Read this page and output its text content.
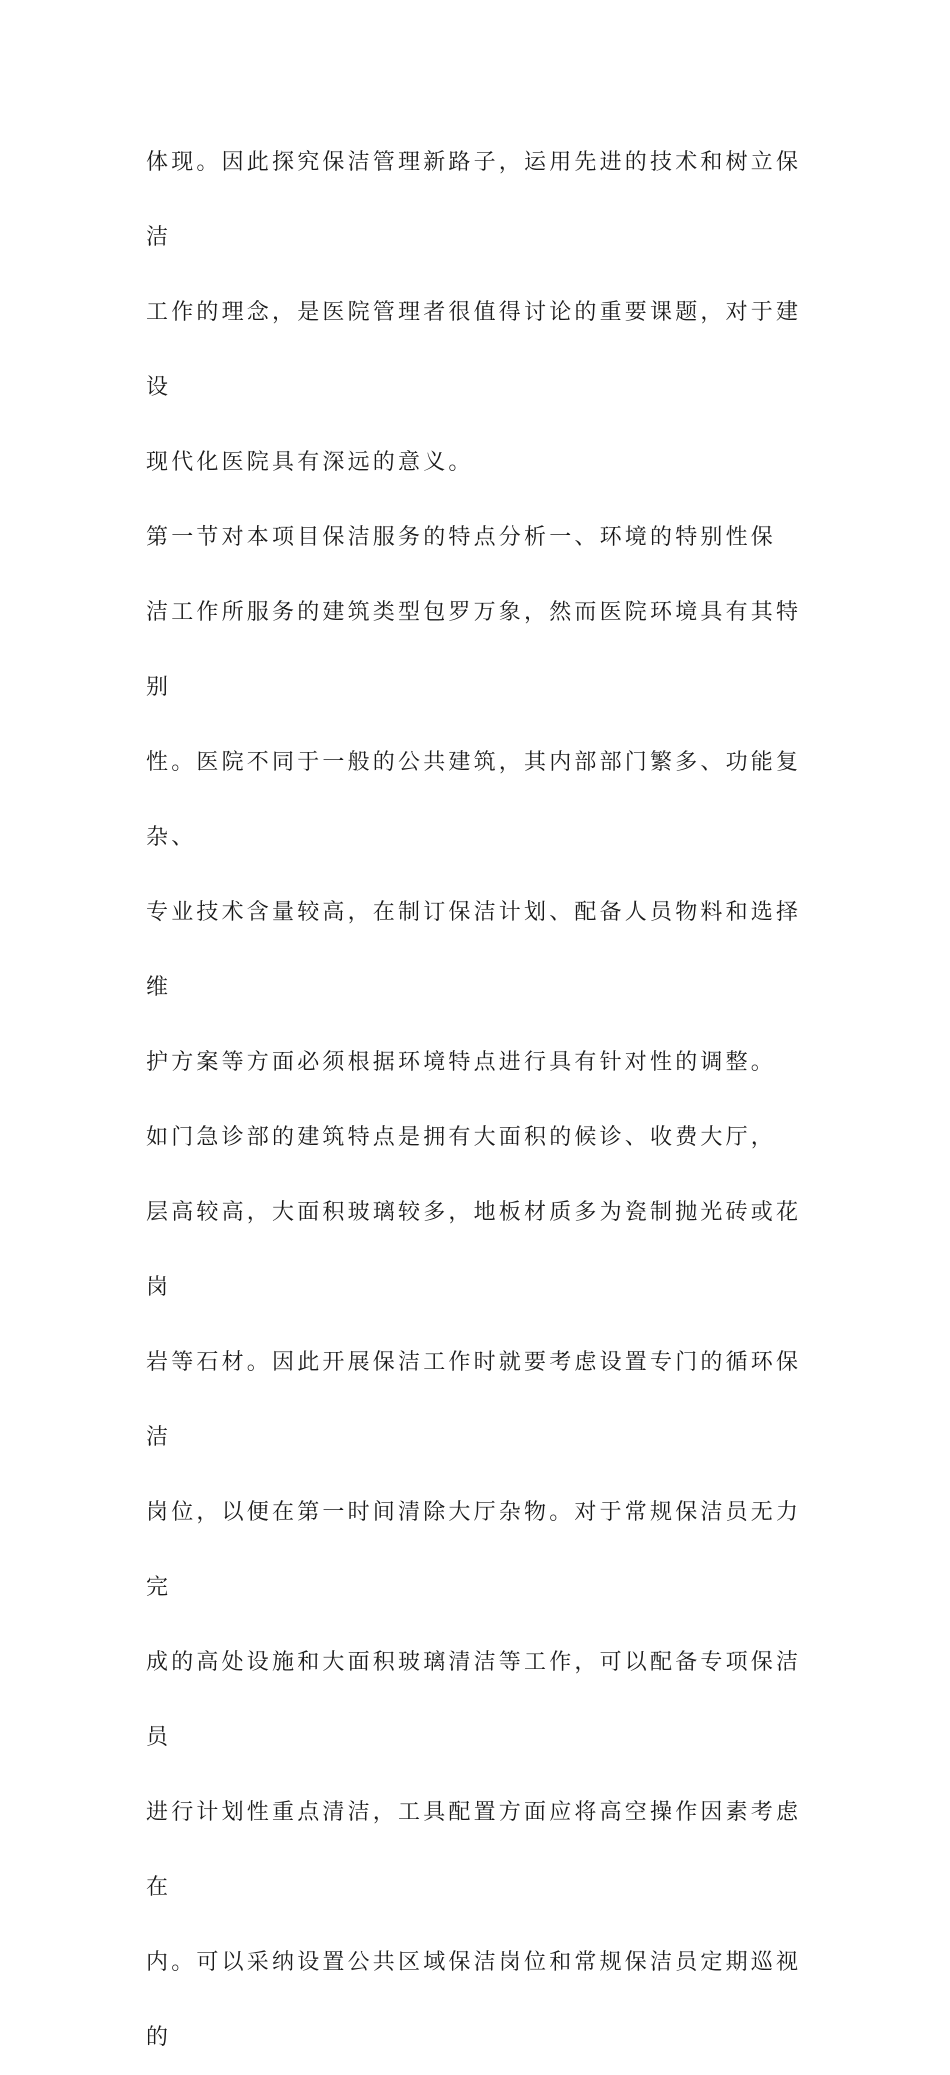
体现。因此探究保洁管理新路子，运用先进的技术和树立保洁
工作的理念，是医院管理者很值得讨论的重要课题，对于建设
现代化医院具有深远的意义。

第一节对本项目保洁服务的特点分析一、环境的特别性保
洁工作所服务的建筑类型包罗万象，然而医院环境具有其特别
性。医院不同于一般的公共建筑，其内部部门繁多、功能复杂、
专业技术含量较高，在制订保洁计划、配备人员物料和选择维
护方案等方面必须根据环境特点进行具有针对性的调整。

如门急诊部的建筑特点是拥有大面积的候诊、收费大厅，
层高较高，大面积玻璃较多，地板材质多为瓷制抛光砖或花岗
岩等石材。因此开展保洁工作时就要考虑设置专门的循环保洁
岗位，以便在第一时间清除大厅杂物。对于常规保洁员无力完
成的高处设施和大面积玻璃清洁等工作，可以配备专项保洁员
进行计划性重点清洁，工具配置方面应将高空操作因素考虑在
内。可以采纳设置公共区域保洁岗位和常规保洁员定期巡视的
